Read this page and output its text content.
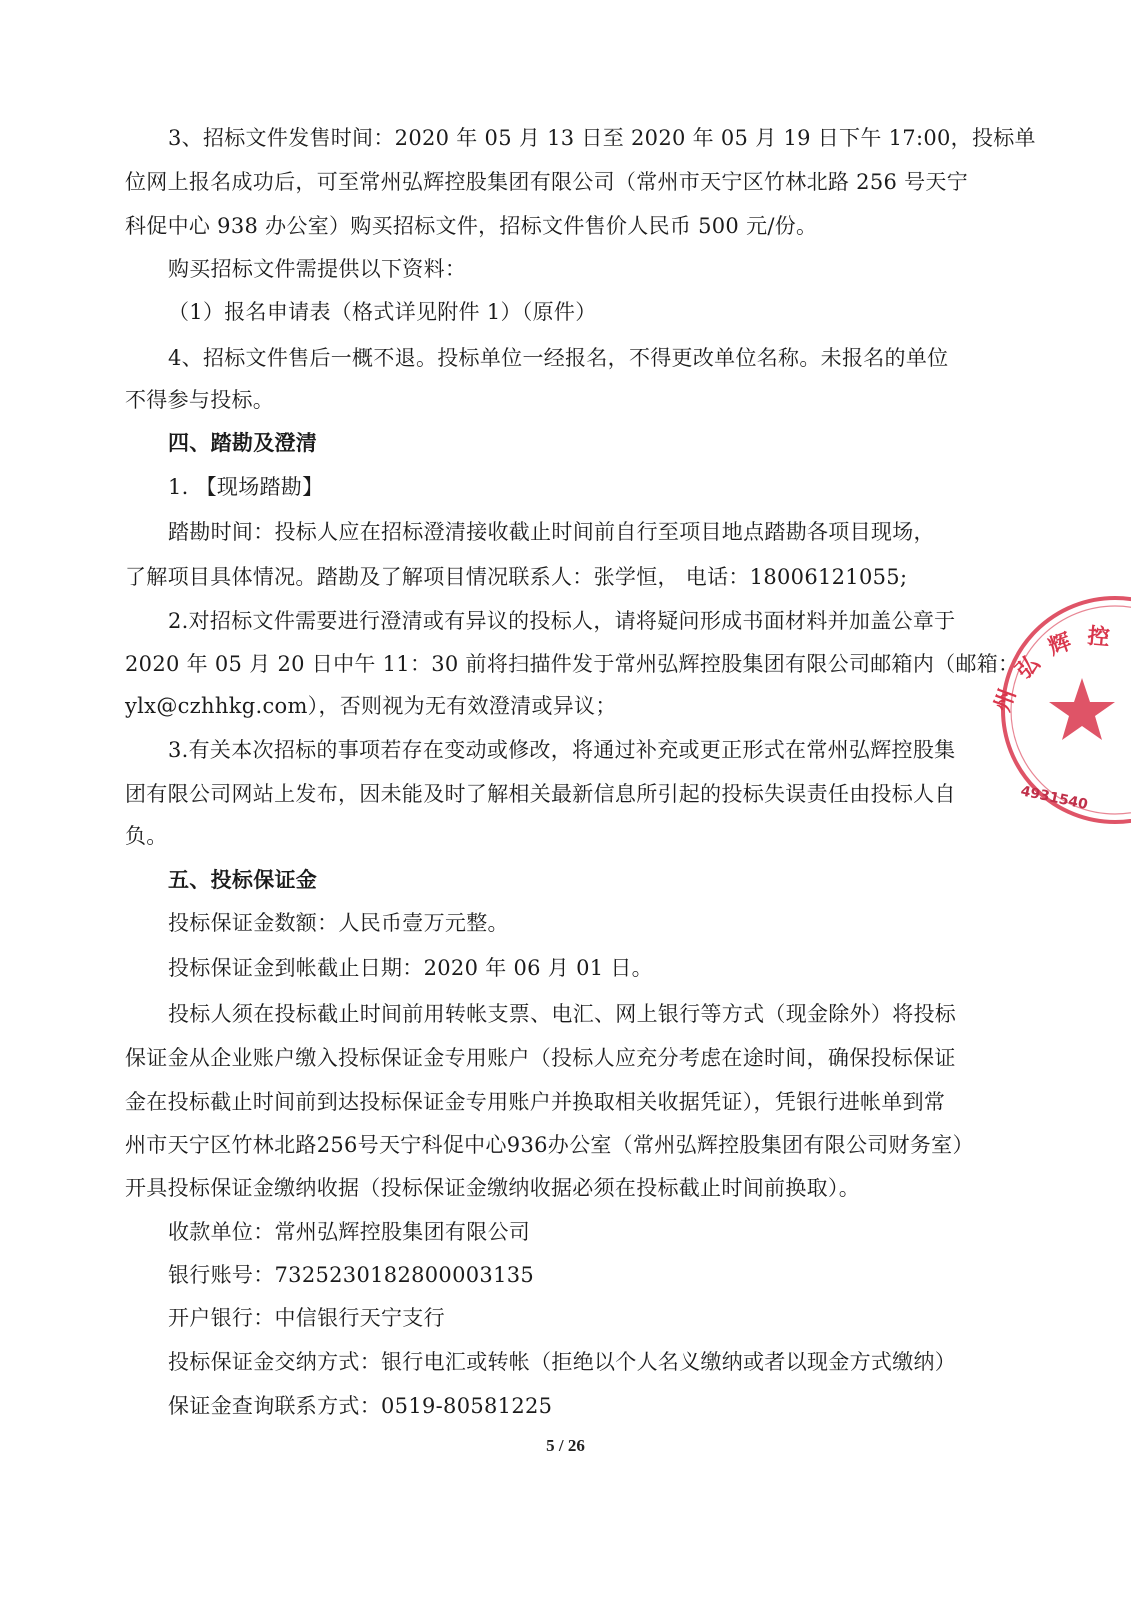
3、招标文件发售时间：2020 年 05 月 13 日至 2020 年 05 月 19 日下午 17:00，投标单
位网上报名成功后，可至常州弘辉控股集团有限公司（常州市天宁区竹林北路 256 号天宁
科促中心 938 办公室）购买招标文件，招标文件售价人民币 500 元/份。
购买招标文件需提供以下资料：
（1）报名申请表（格式详见附件 1）（原件）
4、招标文件售后一概不退。投标单位一经报名，不得更改单位名称。未报名的单位
不得参与投标。
四、踏勘及澄清
1. 【现场踏勘】
踏勘时间：投标人应在招标澄清接收截止时间前自行至项目地点踏勘各项目现场，
了解项目具体情况。踏勘及了解项目情况联系人：张学恒， 电话：18006121055;
2.对招标文件需要进行澄清或有异议的投标人，请将疑问形成书面材料并加盖公章于
2020 年 05 月 20 日中午 11：30 前将扫描件发于常州弘辉控股集团有限公司邮箱内（邮箱：
ylx@czhhkg.com），否则视为无有效澄清或异议；
3.有关本次招标的事项若存在变动或修改，将通过补充或更正形式在常州弘辉控股集
团有限公司网站上发布，因未能及时了解相关最新信息所引起的投标失误责任由投标人自
负。
五、投标保证金
投标保证金数额：人民币壹万元整。
投标保证金到帐截止日期：2020 年 06 月 01 日。
投标人须在投标截止时间前用转帐支票、电汇、网上银行等方式（现金除外）将投标
保证金从企业账户缴入投标保证金专用账户（投标人应充分考虑在途时间，确保投标保证
金在投标截止时间前到达投标保证金专用账户并换取相关收据凭证），凭银行进帐单到常
州市天宁区竹林北路256号天宁科促中心936办公室（常州弘辉控股集团有限公司财务室）
开具投标保证金缴纳收据（投标保证金缴纳收据必须在投标截止时间前换取）。
收款单位：常州弘辉控股集团有限公司
银行账号：7325230182800003135
开户银行：中信银行天宁支行
投标保证金交纳方式：银行电汇或转帐（拒绝以个人名义缴纳或者以现金方式缴纳）
保证金查询联系方式：0519-80581225
5 / 26
州
弘
辉 控
4931540
